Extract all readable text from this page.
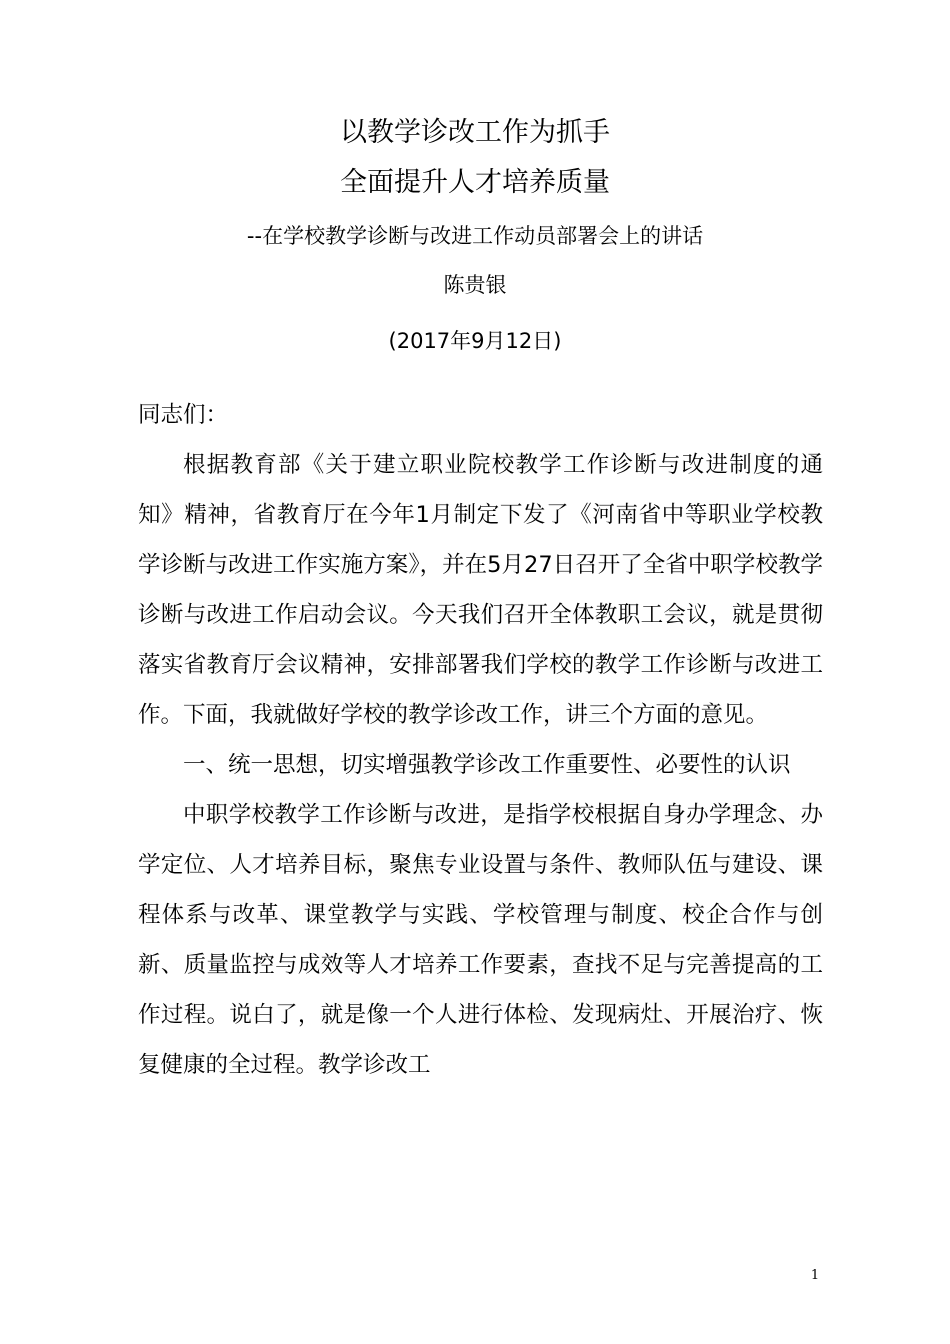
以教学诊改工作为抓手
全面提升人才培养质量
--在学校教学诊断与改进工作动员部署会上的讲话
陈贵银
(2017年9月12日)

同志们：

根据教育部《关于建立职业院校教学工作诊断与改进制度的通知》精神，省教育厅在今年1月制定下发了《河南省中等职业学校教学诊断与改进工作实施方案》，并在5月27日召开了全省中职学校教学诊断与改进工作启动会议。今天我们召开全体教职工会议，就是贯彻落实省教育厅会议精神，安排部署我们学校的教学工作诊断与改进工作。下面，我就做好学校的教学诊改工作，讲三个方面的意见。

一、统一思想，切实增强教学诊改工作重要性、必要性的认识

中职学校教学工作诊断与改进，是指学校根据自身办学理念、办学定位、人才培养目标，聚焦专业设置与条件、教师队伍与建设、课程体系与改革、课堂教学与实践、学校管理与制度、校企合作与创新、质量监控与成效等人才培养工作要素，查找不足与完善提高的工作过程。说白了，就是像一个人进行体检、发现病灶、开展治疗、恢复健康的全过程。教学诊改工

1
